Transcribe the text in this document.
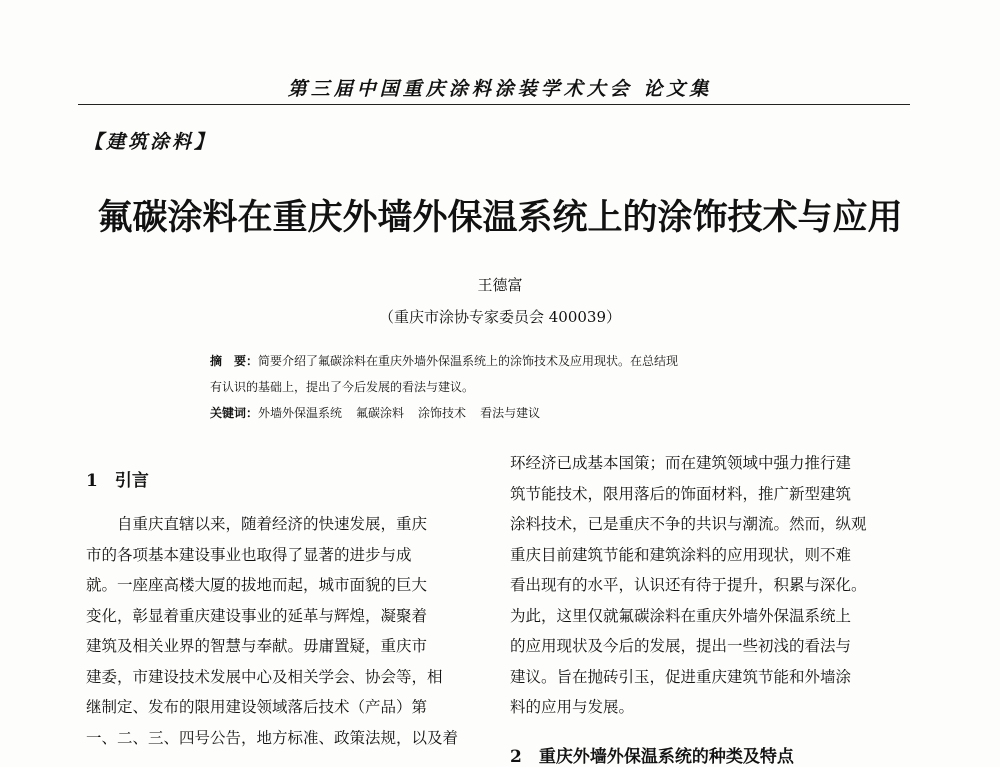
第三届中国重庆涂料涂装学术大会 论文集
【建筑涂料】
氟碳涂料在重庆外墙外保温系统上的涂饰技术与应用
王德富
（重庆市涂协专家委员会 400039）
摘　要：简要介绍了氟碳涂料在重庆外墙外保温系统上的涂饰技术及应用现状。在总结现
有认识的基础上，提出了今后发展的看法与建议。
关键词：外墙外保温系统 氟碳涂料 涂饰技术 看法与建议
1　引言
自重庆直辖以来，随着经济的快速发展，重庆
市的各项基本建设事业也取得了显著的进步与成
就。一座座高楼大厦的拔地而起，城市面貌的巨大
变化，彰显着重庆建设事业的延革与辉煌，凝聚着
建筑及相关业界的智慧与奉献。毋庸置疑，重庆市
建委，市建设技术发展中心及相关学会、协会等，相
继制定、发布的限用建设领域落后技术（产品）第
一、二、三、四号公告，地方标准、政策法规，以及着
环经济已成基本国策；而在建筑领域中强力推行建
筑节能技术，限用落后的饰面材料，推广新型建筑
涂料技术，已是重庆不争的共识与潮流。然而，纵观
重庆目前建筑节能和建筑涂料的应用现状，则不难
看出现有的水平，认识还有待于提升，积累与深化。
为此，这里仅就氟碳涂料在重庆外墙外保温系统上
的应用现状及今后的发展，提出一些初浅的看法与
建议。旨在抛砖引玉，促进重庆建筑节能和外墙涂
料的应用与发展。
2　重庆外墙外保温系统的种类及特点
